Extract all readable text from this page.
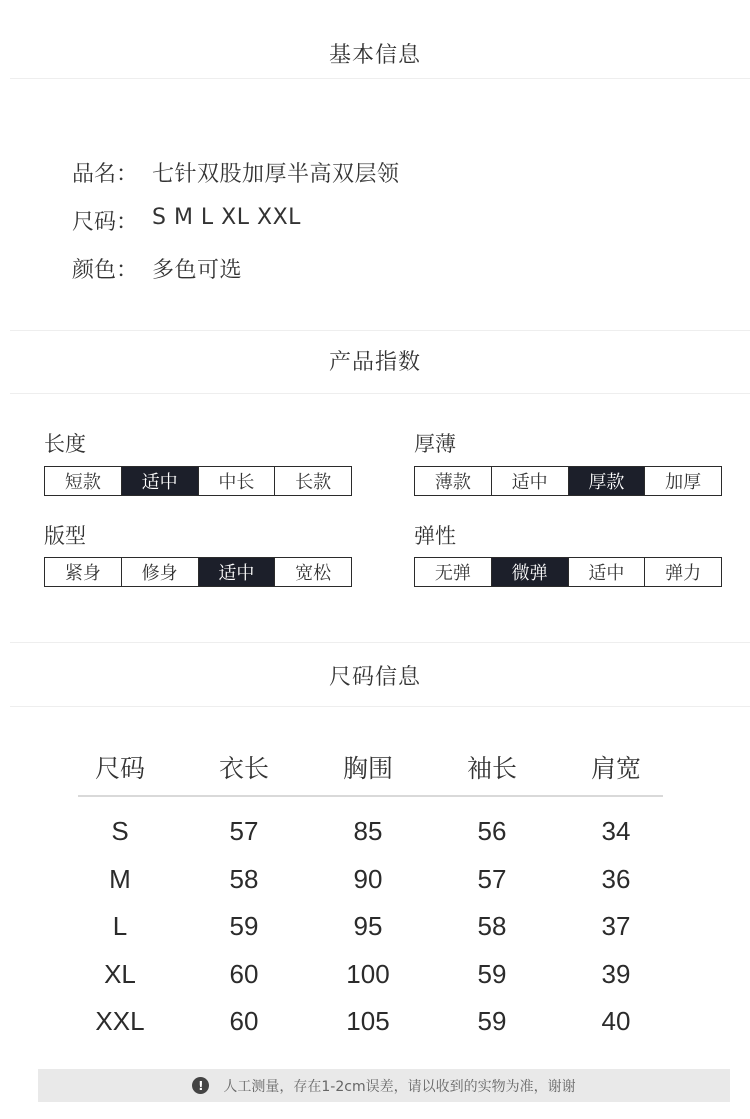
基本信息
品名： 七针双股加厚半高双层领
尺码： S M L XL XXL
颜色： 多色可选
产品指数
长度
短款	适中	中长	长款
厚薄
薄款	适中	厚款	加厚
版型
紧身	修身	适中	宽松
弹性
无弹	微弹	适中	弹力
尺码信息
尺码	衣长	胸围	袖长	肩宽
S	57	85	56	34
M	58	90	57	36
L	59	95	58	37
XL	60	100	59	39
XXL	60	105	59	40
!	人工测量，存在1-2cm误差，请以收到的实物为准，谢谢
